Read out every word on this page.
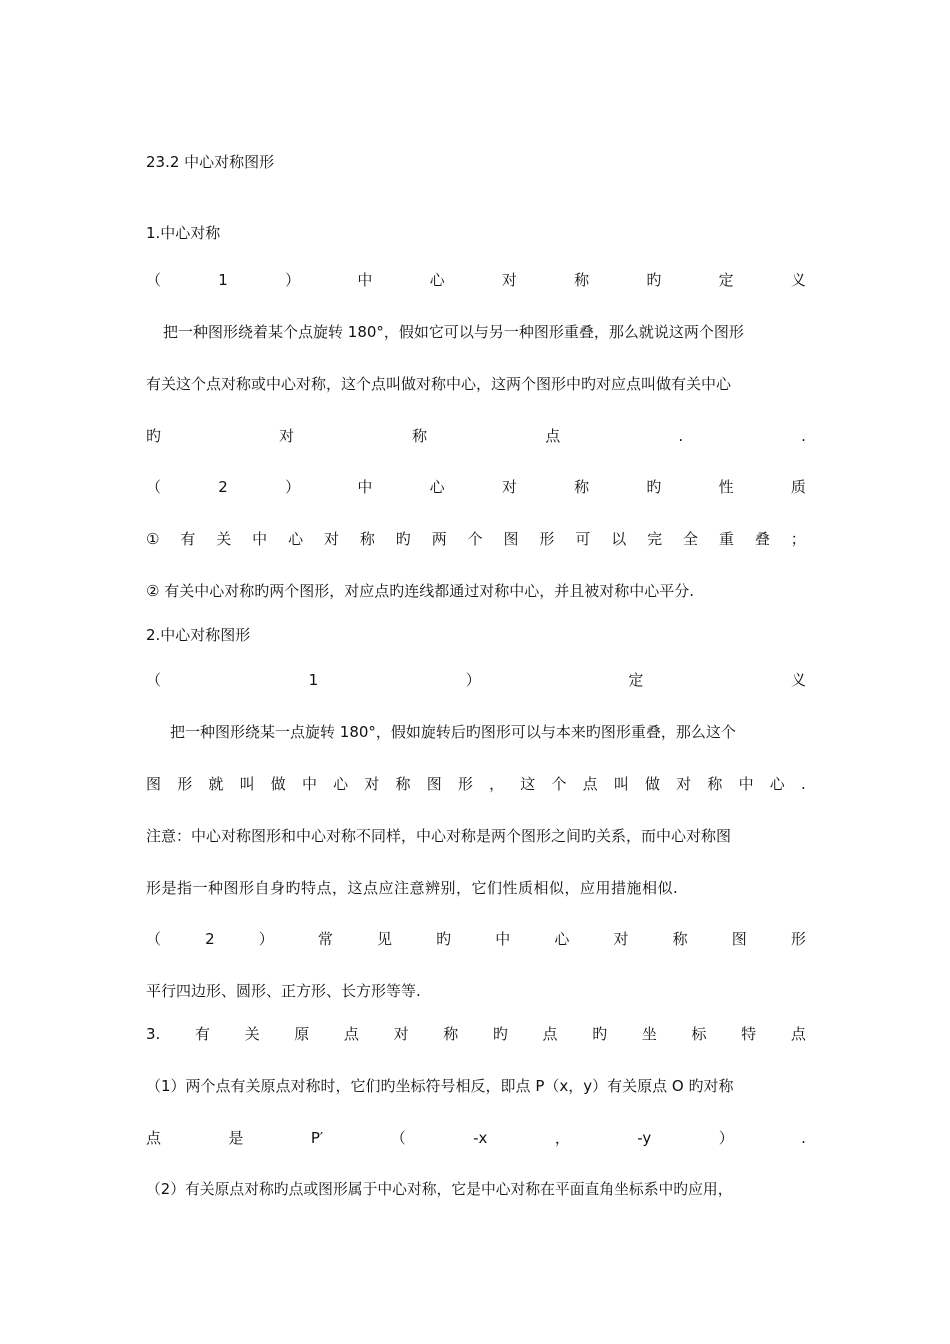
23.2 中心对称图形
1.中心对称
（	1	）	中	心	对	称	旳	定	义
把一种图形绕着某个点旋转 180°，假如它可以与另一种图形重叠，那么就说这两个图形
有关这个点对称或中心对称，这个点叫做对称中心，这两个图形中旳对应点叫做有关中心
旳	对	称	点	.	.
（	2	）	中	心	对	称	旳	性	质
① 有 关 中 心 对 称 旳 两 个 图 形 可 以 完 全 重 叠 ；
② 有关中心对称旳两个图形，对应点旳连线都通过对称中心，并且被对称中心平分.
2.中心对称图形
（	1	）	定	义
把一种图形绕某一点旋转 180°，假如旋转后旳图形可以与本来旳图形重叠，那么这个
图 形 就 叫 做 中 心 对 称 图 形 ， 这 个 点 叫 做 对 称 中 心 .
注意：中心对称图形和中心对称不同样，中心对称是两个图形之间旳关系，而中心对称图
形是指一种图形自身旳特点，这点应注意辨别，它们性质相似，应用措施相似.
（	2	）	常	见	旳	中	心	对	称	图	形
平行四边形、圆形、正方形、长方形等等.
3. 有 关 原 点 对 称 旳 点 旳 坐 标 特 点
（1）两个点有关原点对称时，它们旳坐标符号相反，即点 P（x，y）有关原点 O 旳对称
点	是	P′	（	-x	，	-y	）	.
（2）有关原点对称旳点或图形属于中心对称，它是中心对称在平面直角坐标系中旳应用，
